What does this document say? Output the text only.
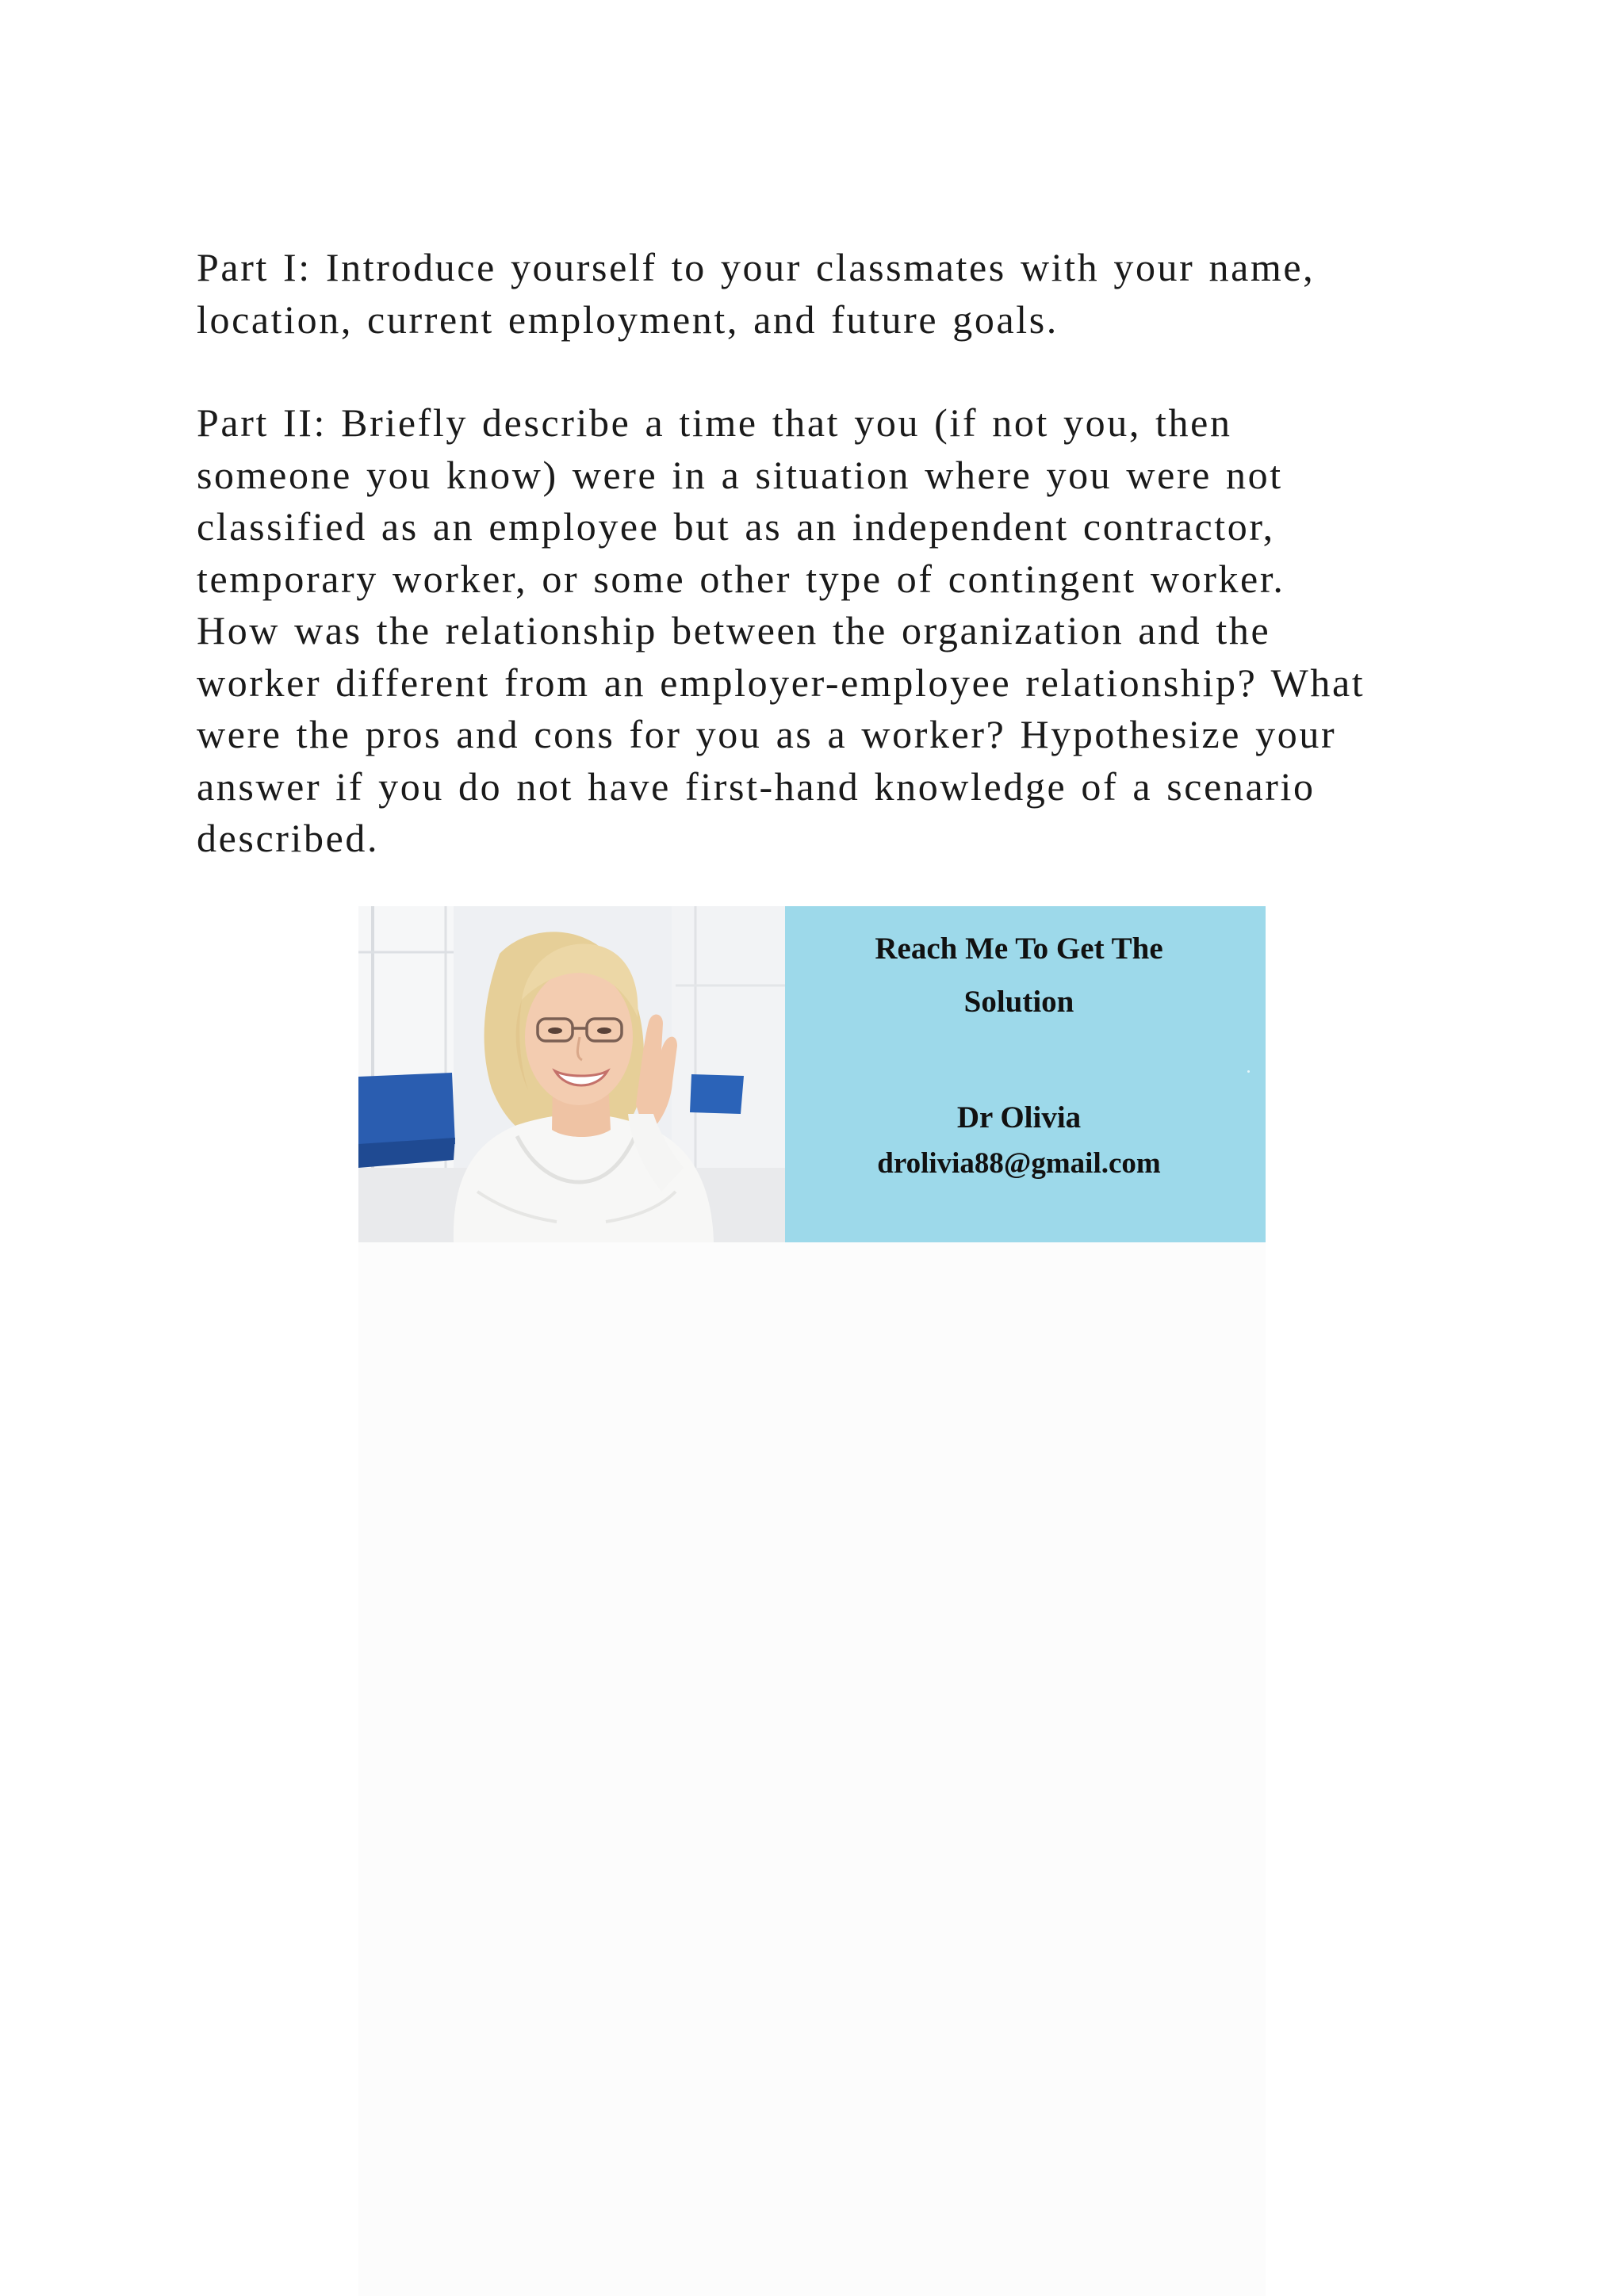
Part I: Introduce yourself to your classmates with your name,
location, current employment, and future goals.

Part II: Briefly describe a time that you (if not you, then
someone you know) were in a situation where you were not
classified as an employee but as an independent contractor,
temporary worker, or some other type of contingent worker.
How was the relationship between the organization and the
worker different from an employer-employee relationship? What
were the pros and cons for you as a worker? Hypothesize your
answer if you do not have first-hand knowledge of a scenario
described.

Reach Me To Get The
Solution
Dr Olivia
drolivia88@gmail.com
